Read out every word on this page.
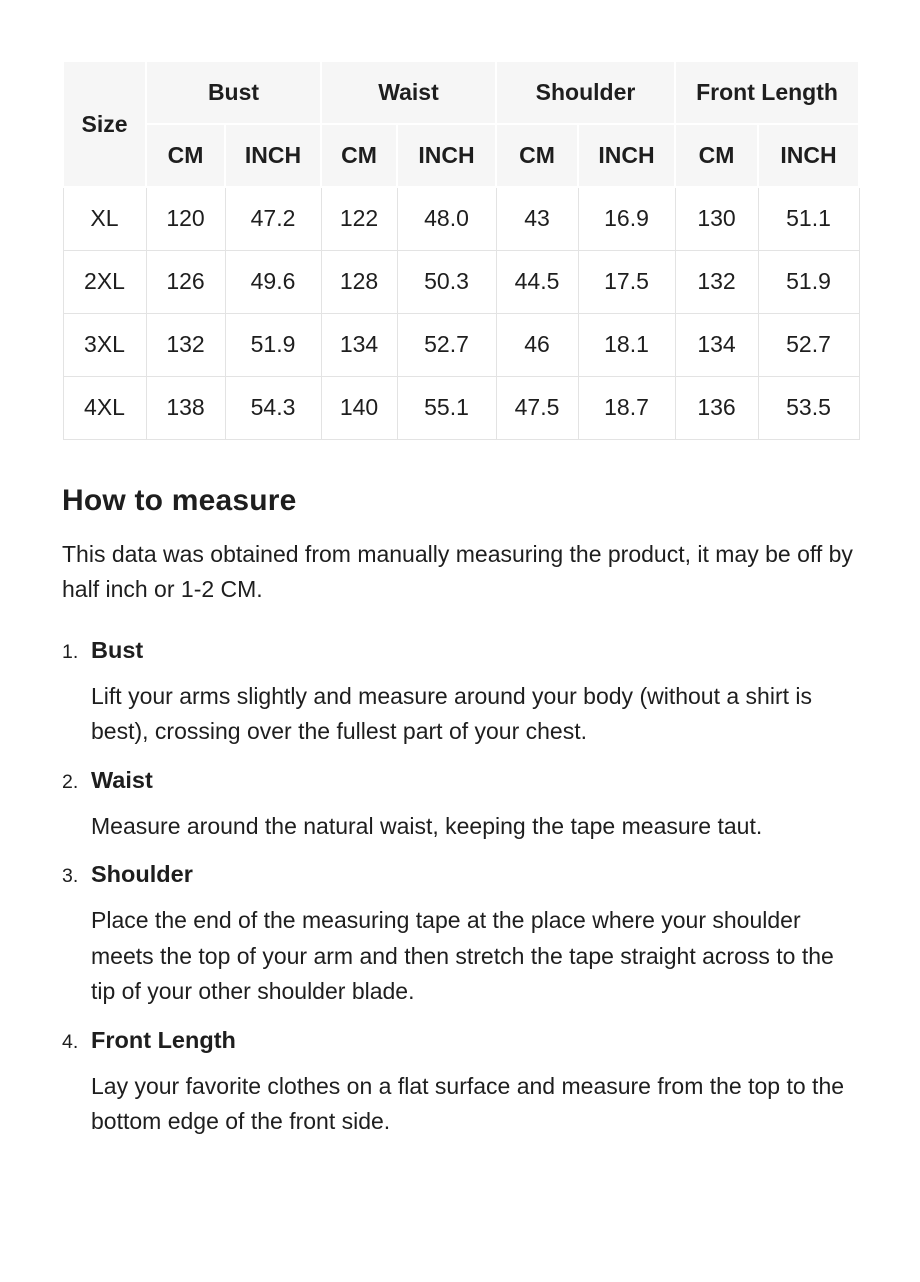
Size	Bust		Waist		Shoulder		Front Length	
	CM	INCH	CM	INCH	CM	INCH	CM	INCH
XL	120	47.2	122	48.0	43	16.9	130	51.1
2XL	126	49.6	128	50.3	44.5	17.5	132	51.9
3XL	132	51.9	134	52.7	46	18.1	134	52.7
4XL	138	54.3	140	55.1	47.5	18.7	136	53.5
How to measure

This data was obtained from manually measuring the product, it may be off by half inch or 1-2 CM.

1. Bust

Lift your arms slightly and measure around your body (without a shirt is best), crossing over the fullest part of your chest.

2. Waist

Measure around the natural waist, keeping the tape measure taut.

3. Shoulder

Place the end of the measuring tape at the place where your shoulder meets the top of your arm and then stretch the tape straight across to the tip of your other shoulder blade.

4. Front Length

Lay your favorite clothes on a flat surface and measure from the top to the bottom edge of the front side.
